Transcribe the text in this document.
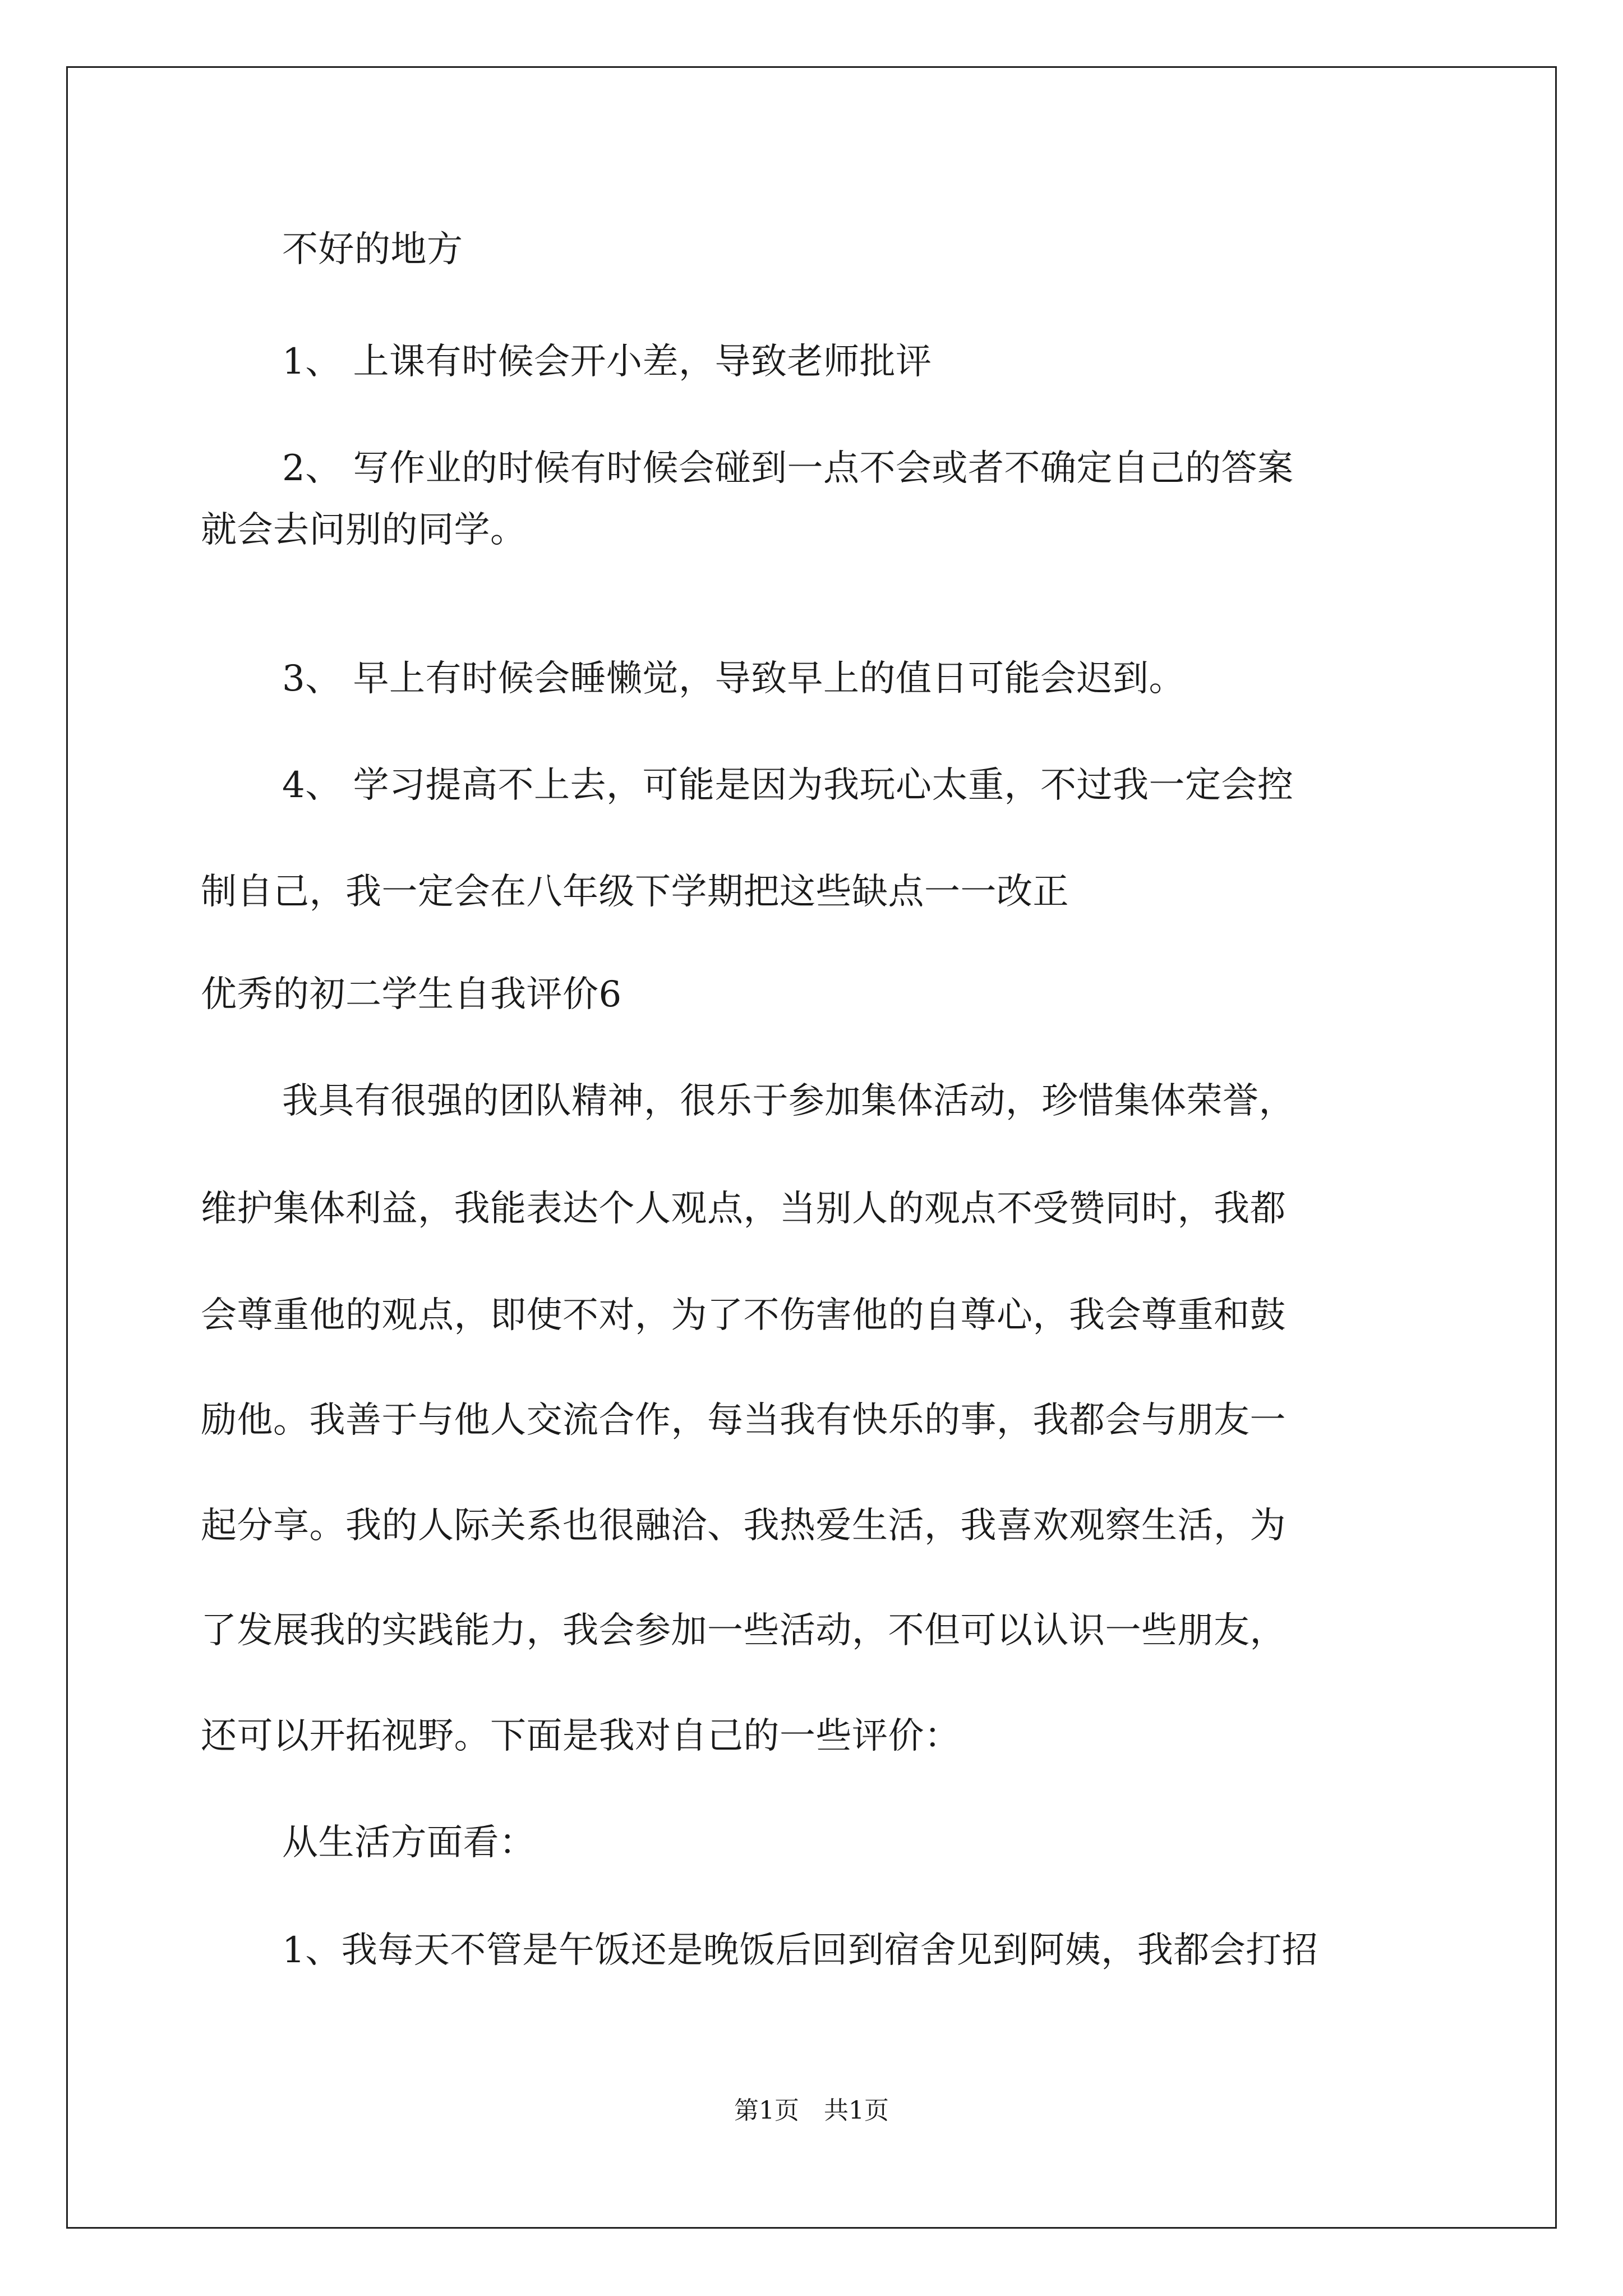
不好的地方
1、 上课有时候会开小差，导致老师批评
2、 写作业的时候有时候会碰到一点不会或者不确定自己的答案
就会去问别的同学。
3、 早上有时候会睡懒觉，导致早上的值日可能会迟到。
4、 学习提高不上去，可能是因为我玩心太重，不过我一定会控
制自己，我一定会在八年级下学期把这些缺点一一改正
优秀的初二学生自我评价6
我具有很强的团队精神，很乐于参加集体活动，珍惜集体荣誉，
维护集体利益，我能表达个人观点，当别人的观点不受赞同时，我都
会尊重他的观点，即使不对，为了不伤害他的自尊心，我会尊重和鼓
励他。我善于与他人交流合作，每当我有快乐的事，我都会与朋友一
起分享。我的人际关系也很融洽、我热爱生活，我喜欢观察生活，为
了发展我的实践能力，我会参加一些活动，不但可以认识一些朋友，
还可以开拓视野。下面是我对自己的一些评价：
从生活方面看：
1、我每天不管是午饭还是晚饭后回到宿舍见到阿姨，我都会打招
第1页　共1页
